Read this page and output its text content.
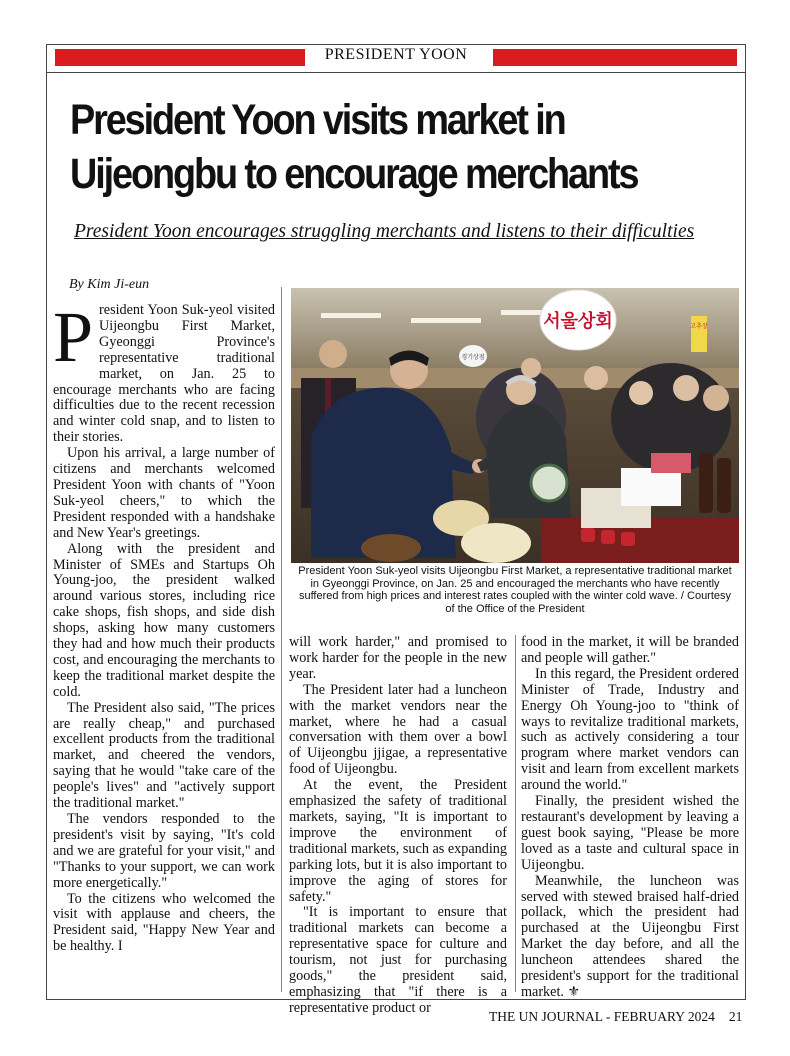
PRESIDENT YOON
President Yoon visits market in
Uijeongbu to encourage merchants
President Yoon encourages struggling merchants and listens to their difficulties
By Kim Ji-eun

President Yoon Suk-yeol visited Uijeongbu First Market, Gyeonggi Province's representative traditional market, on Jan. 25 to encourage merchants who are facing difficulties due to the recent recession and winter cold snap, and to listen to their stories.

Upon his arrival, a large number of citizens and merchants welcomed President Yoon with chants of "Yoon Suk-yeol cheers," to which the President responded with a handshake and New Year's greetings.

Along with the president and Minister of SMEs and Startups Oh Young-joo, the president walked around various stores, including rice cake shops, fish shops, and side dish shops, asking how many customers they had and how much their products cost, and encouraging the merchants to keep the traditional market despite the cold.

The President also said, "The prices are really cheap," and purchased excellent products from the traditional market, and cheered the vendors, saying that he would "take care of the people's lives" and "actively support the traditional market."

The vendors responded to the president's visit by saying, "It's cold and we are grateful for your visit," and "Thanks to your support, we can work more energetically."

To the citizens who welcomed the visit with applause and cheers, the President said, "Happy New Year and be healthy. I

서울상회
경기상점
고추장
President Yoon Suk-yeol visits Uijeongbu First Market, a representative traditional market in Gyeonggi Province, on Jan. 25 and encouraged the merchants who have recently suffered from high prices and interest rates coupled with the winter cold wave. / Courtesy of the Office of the President

will work harder," and promised to work harder for the people in the new year.

The President later had a luncheon with the market vendors near the market, where he had a casual conversation with them over a bowl of Uijeongbu jjigae, a representative food of Uijeongbu.

At the event, the President emphasized the safety of traditional markets, saying, "It is important to improve the environment of traditional markets, such as expanding parking lots, but it is also important to improve the aging of stores for safety."

"It is important to ensure that traditional markets can become a representative space for culture and tourism, not just for purchasing goods," the president said, emphasizing that "if there is a representative product or

food in the market, it will be branded and people will gather."

In this regard, the President ordered Minister of Trade, Industry and Energy Oh Young-joo to "think of ways to revitalize traditional markets, such as actively considering a tour program where market vendors can visit and learn from excellent markets around the world."

Finally, the president wished the restaurant's development by leaving a guest book saying, "Please be more loved as a taste and cultural space in Uijeongbu.

Meanwhile, the luncheon was served with stewed braised half-dried pollack, which the president had purchased at the Uijeongbu First Market the day before, and all the luncheon attendees shared the president's support for the traditional market. ⚜

THE UN JOURNAL - FEBRUARY 2024 21
